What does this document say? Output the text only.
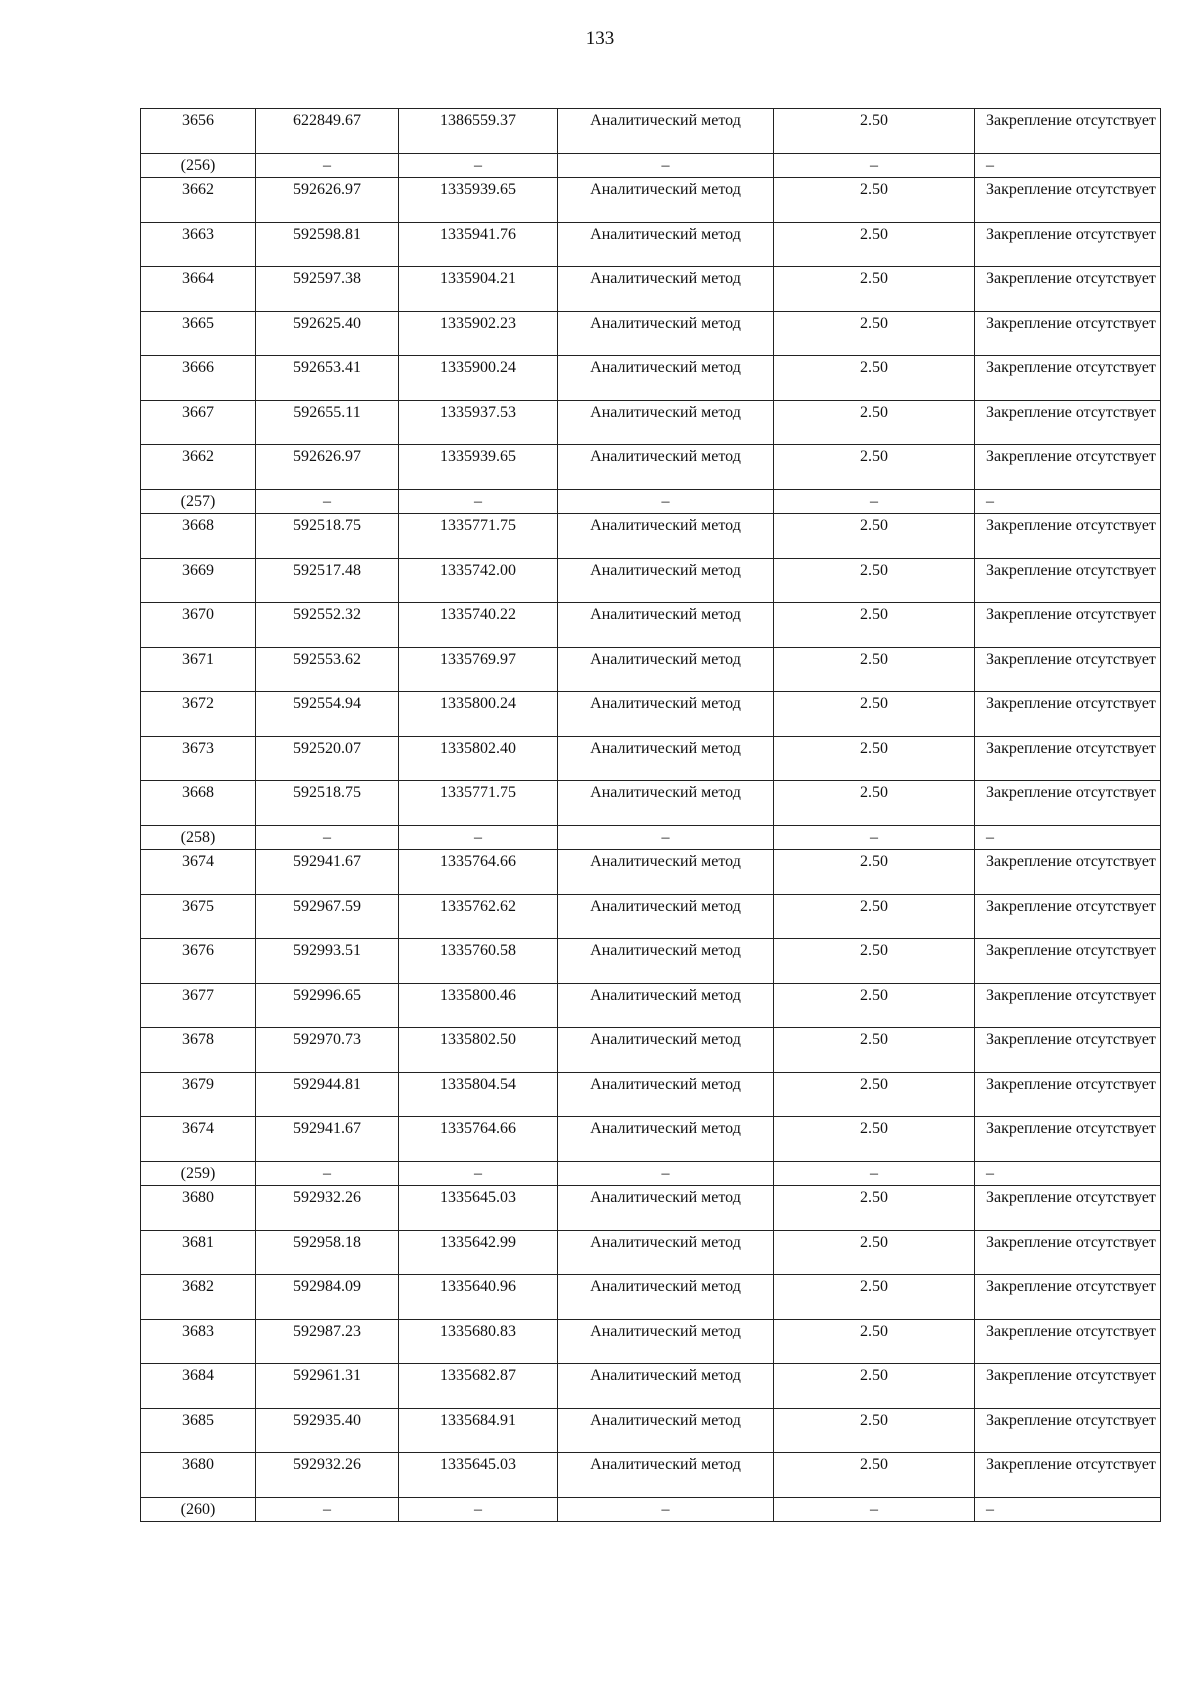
133
3656	622849.67	1386559.37	Аналитический метод	2.50	Закрепление отсутствует
(256)	–	–	–	–	–
3662	592626.97	1335939.65	Аналитический метод	2.50	Закрепление отсутствует
3663	592598.81	1335941.76	Аналитический метод	2.50	Закрепление отсутствует
3664	592597.38	1335904.21	Аналитический метод	2.50	Закрепление отсутствует
3665	592625.40	1335902.23	Аналитический метод	2.50	Закрепление отсутствует
3666	592653.41	1335900.24	Аналитический метод	2.50	Закрепление отсутствует
3667	592655.11	1335937.53	Аналитический метод	2.50	Закрепление отсутствует
3662	592626.97	1335939.65	Аналитический метод	2.50	Закрепление отсутствует
(257)	–	–	–	–	–
3668	592518.75	1335771.75	Аналитический метод	2.50	Закрепление отсутствует
3669	592517.48	1335742.00	Аналитический метод	2.50	Закрепление отсутствует
3670	592552.32	1335740.22	Аналитический метод	2.50	Закрепление отсутствует
3671	592553.62	1335769.97	Аналитический метод	2.50	Закрепление отсутствует
3672	592554.94	1335800.24	Аналитический метод	2.50	Закрепление отсутствует
3673	592520.07	1335802.40	Аналитический метод	2.50	Закрепление отсутствует
3668	592518.75	1335771.75	Аналитический метод	2.50	Закрепление отсутствует
(258)	–	–	–	–	–
3674	592941.67	1335764.66	Аналитический метод	2.50	Закрепление отсутствует
3675	592967.59	1335762.62	Аналитический метод	2.50	Закрепление отсутствует
3676	592993.51	1335760.58	Аналитический метод	2.50	Закрепление отсутствует
3677	592996.65	1335800.46	Аналитический метод	2.50	Закрепление отсутствует
3678	592970.73	1335802.50	Аналитический метод	2.50	Закрепление отсутствует
3679	592944.81	1335804.54	Аналитический метод	2.50	Закрепление отсутствует
3674	592941.67	1335764.66	Аналитический метод	2.50	Закрепление отсутствует
(259)	–	–	–	–	–
3680	592932.26	1335645.03	Аналитический метод	2.50	Закрепление отсутствует
3681	592958.18	1335642.99	Аналитический метод	2.50	Закрепление отсутствует
3682	592984.09	1335640.96	Аналитический метод	2.50	Закрепление отсутствует
3683	592987.23	1335680.83	Аналитический метод	2.50	Закрепление отсутствует
3684	592961.31	1335682.87	Аналитический метод	2.50	Закрепление отсутствует
3685	592935.40	1335684.91	Аналитический метод	2.50	Закрепление отсутствует
3680	592932.26	1335645.03	Аналитический метод	2.50	Закрепление отсутствует
(260)	–	–	–	–	–
